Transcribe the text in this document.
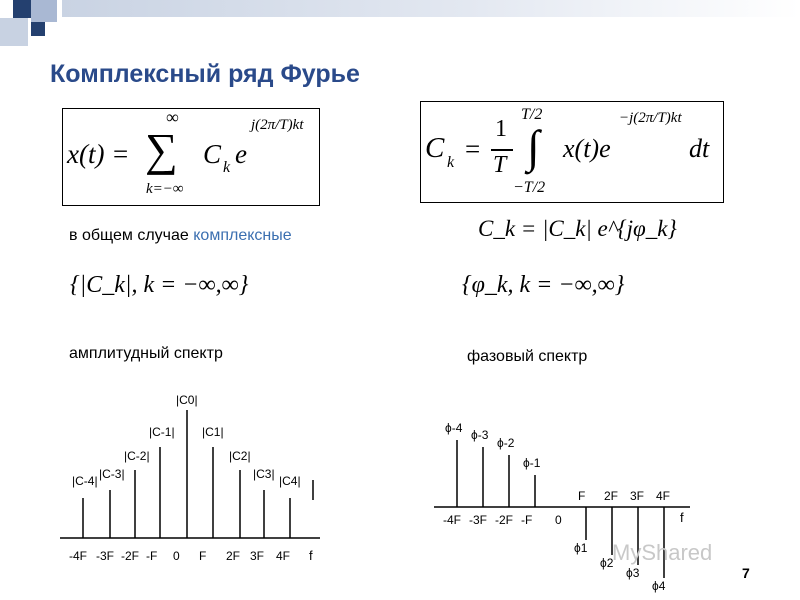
Комплексный ряд Фурье
x(t) =
∞
∑
k=−∞
C k e
j(2π/T)kt
C k =
1
T
T/2
∫
−T/2
x(t)e
−j(2π/T)kt
dt
в общем случае комплексные	C_k = |C_k| e^{jφ_k}
{|C_k|, k = −∞,∞}	{φ_k, k = −∞,∞}
амплитудный спектр	фазовый спектр
|C-4|
-4F
|C-3|
-3F
|C-2|
-2F
|C-1|
-F
|C0|
0
|C1|
F
|C2|
2F
|C3|
3F
|C4|
4F f
ϕ-4
-4F
ϕ-3
-3F
ϕ-2
-2F
ϕ-1
-F 0
F
ϕ1
2F
ϕ2
3F
ϕ3
4F
ϕ4
f
MyShared
7
